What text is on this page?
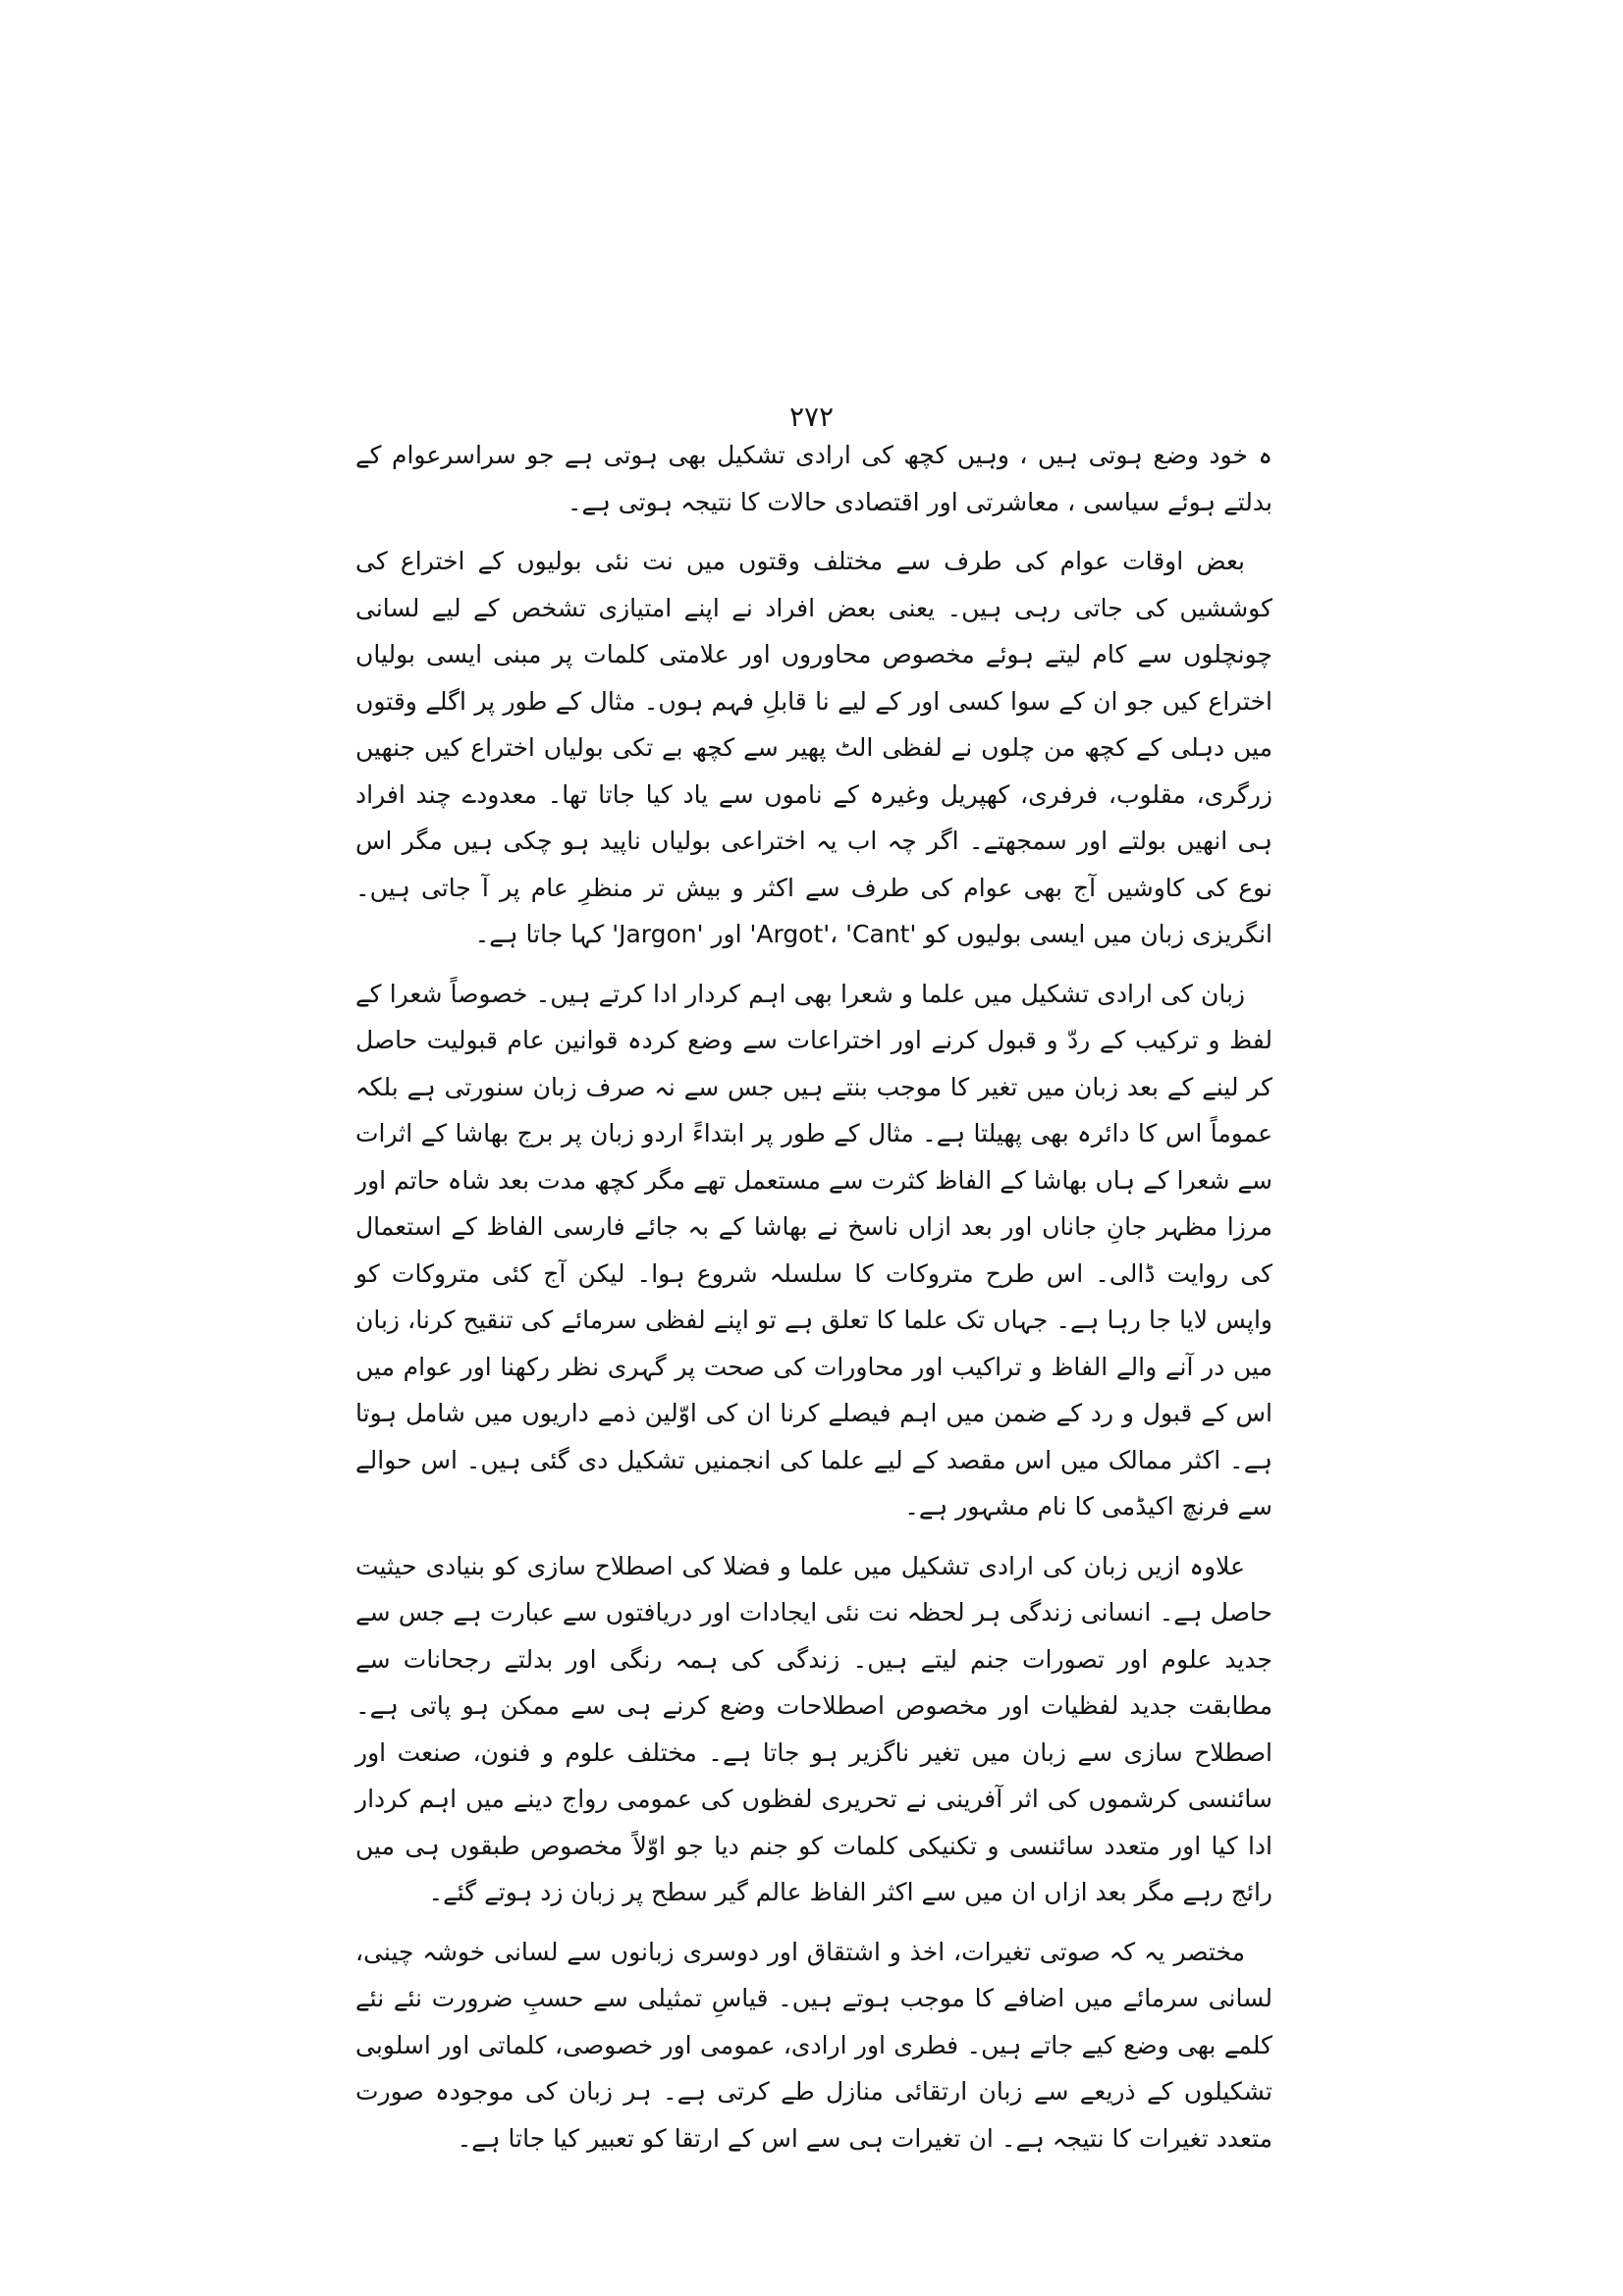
۲۷۲

ہ خود وضع ہوتی ہیں ، وہیں کچھ کی ارادی تشکیل بھی ہوتی ہے جو سراسرعوام کے بدلتے ہوئے سیاسی ، معاشرتی اور اقتصادی حالات کا نتیجہ ہوتی ہے۔

بعض اوقات عوام کی طرف سے مختلف وقتوں میں نت نئی بولیوں کے اختراع کی کوششیں کی جاتی رہی ہیں۔ یعنی بعض افراد نے اپنے امتیازی تشخص کے لیے لسانی چونچلوں سے کام لیتے ہوئے مخصوص محاوروں اور علامتی کلمات پر مبنی ایسی بولیاں اختراع کیں جو ان کے سوا کسی اور کے لیے نا قابلِ فہم ہوں۔ مثال کے طور پر اگلے وقتوں میں دہلی کے کچھ من چلوں نے لفظی الٹ پھیر سے کچھ بے تکی بولیاں اختراع کیں جنھیں زرگری، مقلوب، فرفری، کھپریل وغیرہ کے ناموں سے یاد کیا جاتا تھا۔ معدودے چند افراد ہی انھیں بولتے اور سمجھتے۔ اگر چہ اب یہ اختراعی بولیاں ناپید ہو چکی ہیں مگر اس نوع کی کاوشیں آج بھی عوام کی طرف سے اکثر و بیش تر منظرِ عام پر آ جاتی ہیں۔ انگریزی زبان میں ایسی بولیوں کو 'Argot'، 'Cant' اور 'Jargon' کہا جاتا ہے۔

زبان کی ارادی تشکیل میں علما و شعرا بھی اہم کردار ادا کرتے ہیں۔ خصوصاً شعرا کے لفظ و ترکیب کے ردّ و قبول کرنے اور اختراعات سے وضع کردہ قوانین عام قبولیت حاصل کر لینے کے بعد زبان میں تغیر کا موجب بنتے ہیں جس سے نہ صرف زبان سنورتی ہے بلکہ عموماً اس کا دائرہ بھی پھیلتا ہے۔ مثال کے طور پر ابتداءً اردو زبان پر برج بھاشا کے اثرات سے شعرا کے ہاں بھاشا کے الفاظ کثرت سے مستعمل تھے مگر کچھ مدت بعد شاہ حاتم اور مرزا مظہر جانِ جاناں اور بعد ازاں ناسخ نے بھاشا کے بہ جائے فارسی الفاظ کے استعمال کی روایت ڈالی۔ اس طرح متروکات کا سلسلہ شروع ہوا۔ لیکن آج کئی متروکات کو واپس لایا جا رہا ہے۔ جہاں تک علما کا تعلق ہے تو اپنے لفظی سرمائے کی تنقیح کرنا، زبان میں در آنے والے الفاظ و تراکیب اور محاورات کی صحت پر گہری نظر رکھنا اور عوام میں اس کے قبول و رد کے ضمن میں اہم فیصلے کرنا ان کی اوّلین ذمے داریوں میں شامل ہوتا ہے۔ اکثر ممالک میں اس مقصد کے لیے علما کی انجمنیں تشکیل دی گئی ہیں۔ اس حوالے سے فرنچ اکیڈمی کا نام مشہور ہے۔

علاوہ ازیں زبان کی ارادی تشکیل میں علما و فضلا کی اصطلاح سازی کو بنیادی حیثیت حاصل ہے۔ انسانی زندگی ہر لحظہ نت نئی ایجادات اور دریافتوں سے عبارت ہے جس سے جدید علوم اور تصورات جنم لیتے ہیں۔ زندگی کی ہمہ رنگی اور بدلتے رجحانات سے مطابقت جدید لفظیات اور مخصوص اصطلاحات وضع کرنے ہی سے ممکن ہو پاتی ہے۔ اصطلاح سازی سے زبان میں تغیر ناگزیر ہو جاتا ہے۔ مختلف علوم و فنون، صنعت اور سائنسی کرشموں کی اثر آفرینی نے تحریری لفظوں کی عمومی رواج دینے میں اہم کردار ادا کیا اور متعدد سائنسی و تکنیکی کلمات کو جنم دیا جو اوّلاً مخصوص طبقوں ہی میں رائج رہے مگر بعد ازاں ان میں سے اکثر الفاظ عالم گیر سطح پر زبان زد ہوتے گئے۔

مختصر یہ کہ صوتی تغیرات، اخذ و اشتقاق اور دوسری زبانوں سے لسانی خوشہ چینی، لسانی سرمائے میں اضافے کا موجب ہوتے ہیں۔ قیاسِ تمثیلی سے حسبِ ضرورت نئے نئے کلمے بھی وضع کیے جاتے ہیں۔ فطری اور ارادی، عمومی اور خصوصی، کلماتی اور اسلوبی تشکیلوں کے ذریعے سے زبان ارتقائی منازل طے کرتی ہے۔ ہر زبان کی موجودہ صورت متعدد تغیرات کا نتیجہ ہے۔ ان تغیرات ہی سے اس کے ارتقا کو تعبیر کیا جاتا ہے۔
